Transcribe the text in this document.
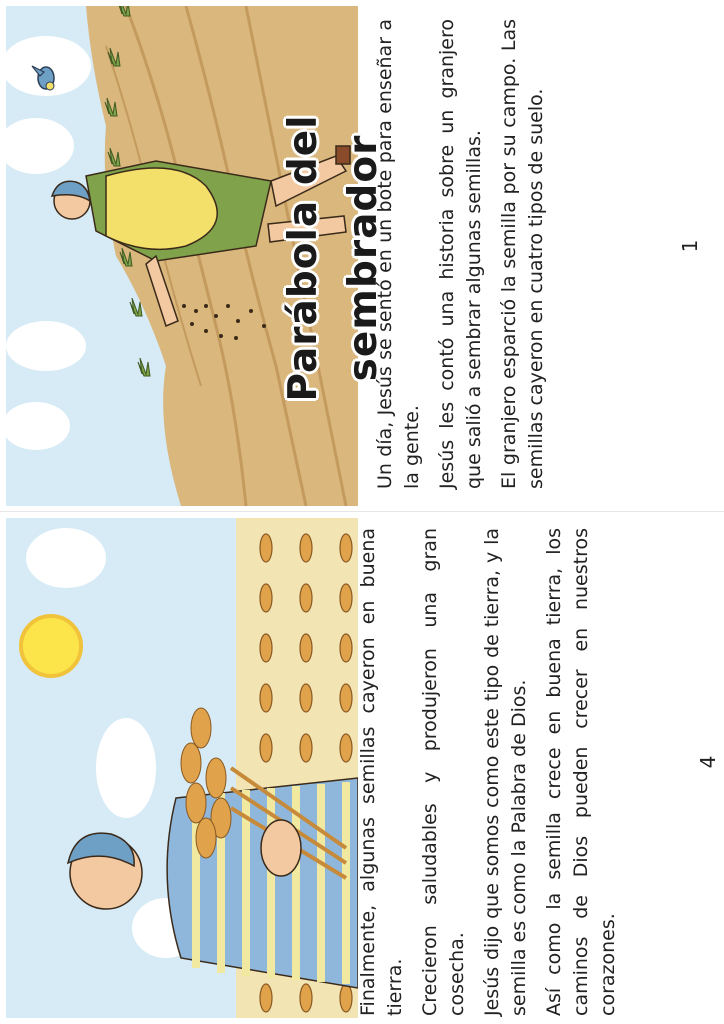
Parábola del sembrador

Un día, Jesús se sentó en un bote para enseñar a la gente. Jesús les contó una historia sobre un granjero que salió a sembrar algunas semillas. El granjero esparció la semilla por su campo. Las semillas cayeron en cuatro tipos de suelo.	1

Finalmente, algunas semillas cayeron en buena tierra. Crecieron saludables y produjeron una gran cosecha. Jesús dijo que somos como este tipo de tierra, y la semilla es como la Palabra de Dios. Así como la semilla crece en buena tierra, los caminos de Dios pueden crecer en nuestros corazones.

4
